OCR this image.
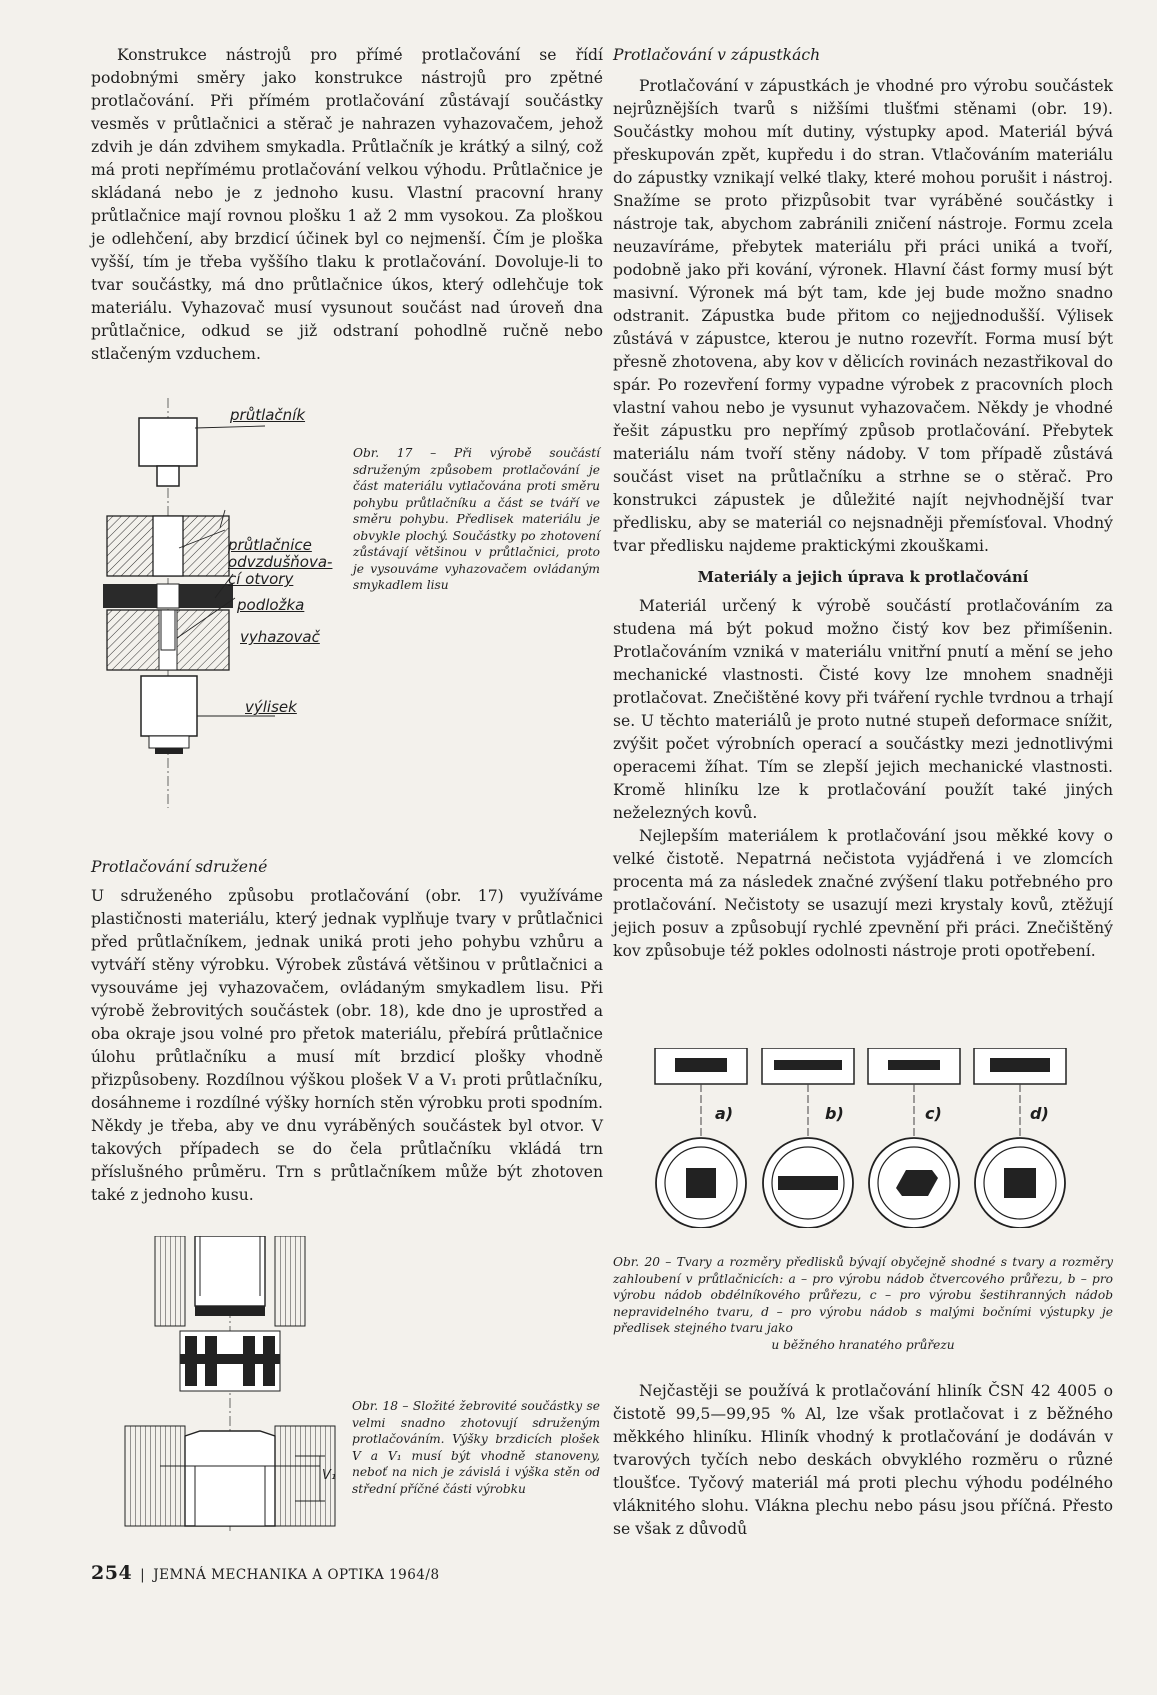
Konstrukce nástrojů pro přímé protlačování se řídí podobnými směry jako konstrukce nástrojů pro zpětné protlačování. Při přímém protlačování zůstávají součástky vesměs v průtlačnici a stěrač je nahrazen vyhazovačem, jehož zdvih je dán zdvihem smykadla. Průtlačník je krátký a silný, což má proti nepřímému protlačování velkou výhodu. Průtlačnice je skládaná nebo je z jednoho kusu. Vlastní pracovní hrany průtlačnice mají rovnou plošku 1 až 2 mm vysokou. Za ploškou je odlehčení, aby brzdicí účinek byl co nejmenší. Čím je ploška vyšší, tím je třeba vyššího tlaku k protlačování. Dovoluje-li to tvar součástky, má dno průtlačnice úkos, který odlehčuje tok materiálu. Vyhazovač musí vysunout součást nad úroveň dna průtlačnice, odkud se již odstraní pohodlně ručně nebo stlačeným vzduchem.

průtlačník
průtlačnice
odvzdušňova-
cí otvory
podložka
vyhazovač
výlisek
Obr. 17 – Při výrobě součástí sdruženým způsobem protlačování je část materiálu vytlačována proti směru pohybu průtlačníku a část se tváří ve směru pohybu. Předlisek materiálu je obvykle plochý. Součástky po zhotovení zůstávají většinou v průtlačnici, proto je vysouváme vyhazovačem ovládaným smykadlem lisu

Protlačování sdružené

U sdruženého způsobu protlačování (obr. 17) využíváme plastičnosti materiálu, který jednak vyplňuje tvary v průtlačnici před průtlačníkem, jednak uniká proti jeho pohybu vzhůru a vytváří stěny výrobku. Výrobek zůstává většinou v průtlačnici a vysouváme jej vyhazovačem, ovládaným smykadlem lisu. Při výrobě žebrovitých součástek (obr. 18), kde dno je uprostřed a oba okraje jsou volné pro přetok materiálu, přebírá průtlačnice úlohu průtlačníku a musí mít brzdicí plošky vhodně přizpůsobeny. Rozdílnou výškou plošek V a V₁ proti průtlačníku, dosáhneme i rozdílné výšky horních stěn výrobku proti spodním. Někdy je třeba, aby ve dnu vyráběných součástek byl otvor. V takových případech se do čela průtlačníku vkládá trn příslušného průměru. Trn s průtlačníkem může být zhotoven také z jednoho kusu.

V₁
Obr. 18 – Složité žebrovité součástky se velmi snadno zhotovují sdruženým protlačováním. Výšky brzdicích plošek V a V₁ musí být vhodně stanoveny, neboť na nich je závislá i výška stěn od střední příčné části výrobku

Protlačování v zápustkách

Protlačování v zápustkách je vhodné pro výrobu součástek nejrůznějších tvarů s nižšími tlušťmi stěnami (obr. 19). Součástky mohou mít dutiny, výstupky apod. Materiál bývá přeskupován zpět, kupředu i do stran. Vtlačováním materiálu do zápustky vznikají velké tlaky, které mohou porušit i nástroj. Snažíme se proto přizpůsobit tvar vyráběné součástky i nástroje tak, abychom zabránili zničení nástroje. Formu zcela neuzavíráme, přebytek materiálu při práci uniká a tvoří, podobně jako při kování, výronek. Hlavní část formy musí být masivní. Výronek má být tam, kde jej bude možno snadno odstranit. Zápustka bude přitom co nejjednodušší. Výlisek zůstává v zápustce, kterou je nutno rozevřít. Forma musí být přesně zhotovena, aby kov v dělicích rovinách nezastřikoval do spár. Po rozevření formy vypadne výrobek z pracovních ploch vlastní vahou nebo je vysunut vyhazovačem. Někdy je vhodné řešit zápustku pro nepřímý způsob protlačování. Přebytek materiálu nám tvoří stěny nádoby. V tom případě zůstává součást viset na průtlačníku a strhne se o stěrač. Pro konstrukci zápustek je důležité najít nejvhodnější tvar předlisku, aby se materiál co nejsnadněji přemísťoval. Vhodný tvar předlisku najdeme praktickými zkouškami.

Materiály a jejich úprava k protlačování

Materiál určený k výrobě součástí protlačováním za studena má být pokud možno čistý kov bez přimíšenin. Protlačováním vzniká v materiálu vnitřní pnutí a mění se jeho mechanické vlastnosti. Čisté kovy lze mnohem snadněji protlačovat. Znečištěné kovy při tváření rychle tvrdnou a trhají se. U těchto materiálů je proto nutné stupeň deformace snížit, zvýšit počet výrobních operací a součástky mezi jednotlivými operacemi žíhat. Tím se zlepší jejich mechanické vlastnosti. Kromě hliníku lze k protlačování použít také jiných neželezných kovů.

Nejlepším materiálem k protlačování jsou měkké kovy o velké čistotě. Nepatrná nečistota vyjádřená i ve zlomcích procenta má za následek značné zvýšení tlaku potřebného pro protlačování. Nečistoty se usazují mezi krystaly kovů, ztěžují jejich posuv a způsobují rychlé zpevnění při práci. Znečištěný kov způsobuje též pokles odolnosti nástroje proti opotřebení.

a)	b)	c)	d)
Obr. 20 – Tvary a rozměry předlisků bývají obyčejně shodné s tvary a rozměry zahloubení v průtlačnicích: a – pro výrobu nádob čtvercového průřezu, b – pro výrobu nádob obdélníkového průřezu, c – pro výrobu šestihranných nádob nepravidelného tvaru, d – pro výrobu nádob s malými bočními výstupky je předlisek stejného tvaru jako
u běžného hranatého průřezu

Nejčastěji se používá k protlačování hliník ČSN 42 4005 o čistotě 99,5—99,95 % Al, lze však protlačovat i z běžného měkkého hliníku. Hliník vhodný k protlačování je dodáván v tvarových tyčích nebo deskách obvyklého rozměru o různé tloušťce. Tyčový materiál má proti plechu výhodu podélného vláknitého slohu. Vlákna plechu nebo pásu jsou příčná. Přesto se však z důvodů

254 | JEMNÁ MECHANIKA A OPTIKA 1964/8
